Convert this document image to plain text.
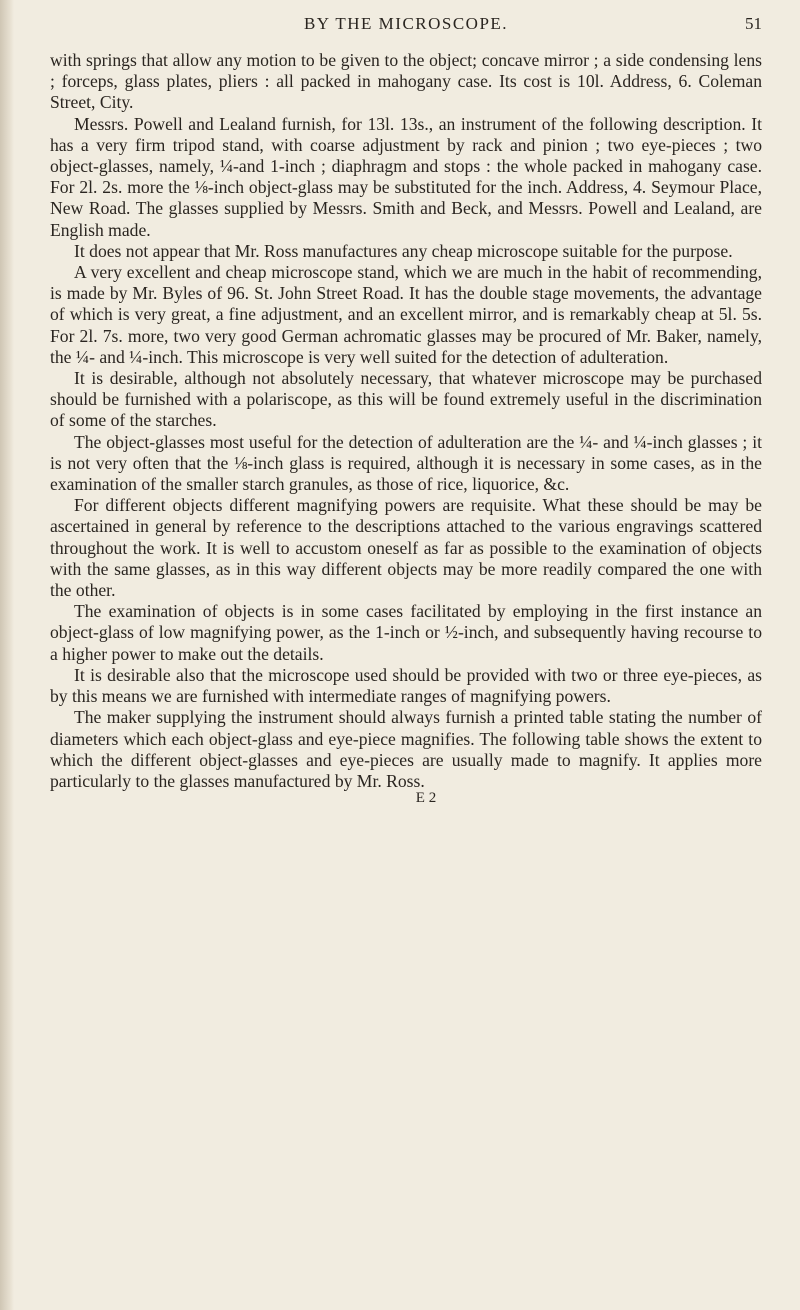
BY THE MICROSCOPE.	51

with springs that allow any motion to be given to the object; concave mirror ; a side condensing lens ; forceps, glass plates, pliers : all packed in mahogany case. Its cost is 10l. Address, 6. Coleman Street, City.

Messrs. Powell and Lealand furnish, for 13l. 13s., an instrument of the following description. It has a very firm tripod stand, with coarse adjustment by rack and pinion ; two eye-pieces ; two object-glasses, namely, ¼-and 1-inch ; diaphragm and stops : the whole packed in mahogany case. For 2l. 2s. more the ⅛-inch object-glass may be substituted for the inch. Address, 4. Seymour Place, New Road. The glasses supplied by Messrs. Smith and Beck, and Messrs. Powell and Lealand, are English made.

It does not appear that Mr. Ross manufactures any cheap microscope suitable for the purpose.

A very excellent and cheap microscope stand, which we are much in the habit of recommending, is made by Mr. Byles of 96. St. John Street Road. It has the double stage movements, the advantage of which is very great, a fine adjustment, and an excellent mirror, and is remarkably cheap at 5l. 5s. For 2l. 7s. more, two very good German achromatic glasses may be procured of Mr. Baker, namely, the ¼- and ¼-inch. This microscope is very well suited for the detection of adulteration.

It is desirable, although not absolutely necessary, that whatever microscope may be purchased should be furnished with a polariscope, as this will be found extremely useful in the discrimination of some of the starches.

The object-glasses most useful for the detection of adulteration are the ¼- and ¼-inch glasses ; it is not very often that the ⅛-inch glass is required, although it is necessary in some cases, as in the examination of the smaller starch granules, as those of rice, liquorice, &c.

For different objects different magnifying powers are requisite. What these should be may be ascertained in general by reference to the descriptions attached to the various engravings scattered throughout the work. It is well to accustom oneself as far as possible to the examination of objects with the same glasses, as in this way different objects may be more readily compared the one with the other.

The examination of objects is in some cases facilitated by employing in the first instance an object-glass of low magnifying power, as the 1-inch or ½-inch, and subsequently having recourse to a higher power to make out the details.

It is desirable also that the microscope used should be provided with two or three eye-pieces, as by this means we are furnished with intermediate ranges of magnifying powers.

The maker supplying the instrument should always furnish a printed table stating the number of diameters which each object-glass and eye-piece magnifies. The following table shows the extent to which the different object-glasses and eye-pieces are usually made to magnify. It applies more particularly to the glasses manufactured by Mr. Ross.

E 2
